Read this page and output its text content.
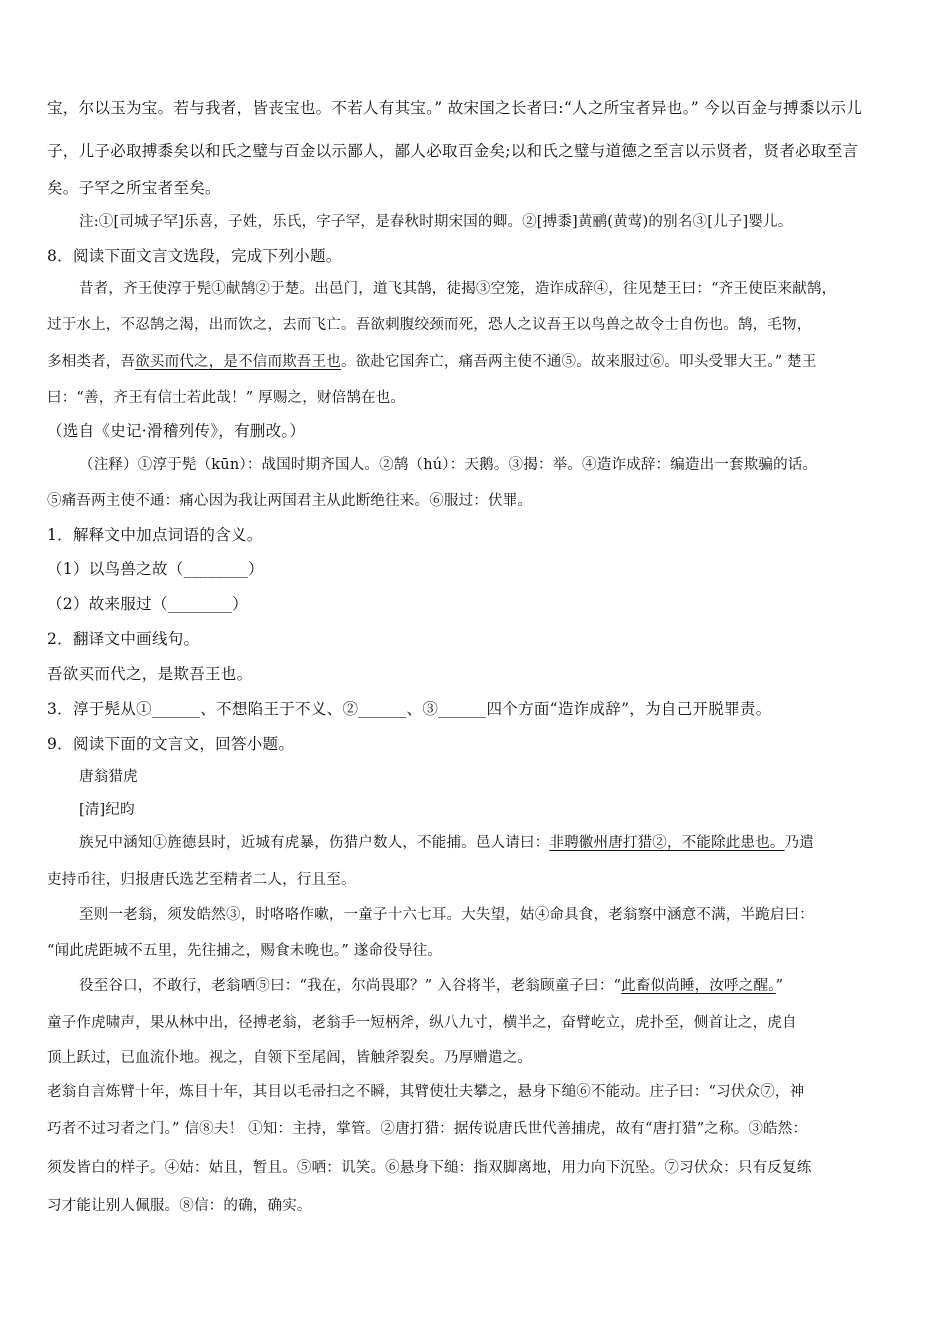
宝，尔以玉为宝。若与我者，皆丧宝也。不若人有其宝。” 故宋国之长者曰:“人之所宝者异也。” 今以百金与搏黍以示儿
子，儿子必取搏黍矣以和氏之璧与百金以示鄙人，鄙人必取百金矣;以和氏之璧与道德之至言以示贤者，贤者必取至言
矣。子罕之所宝者至矣。
注:①[司城子罕]乐喜，子姓，乐氏，字子罕，是春秋时期宋国的卿。②[搏黍]黄鹂(黄莺)的别名③[儿子]婴儿。
8．阅读下面文言文选段，完成下列小题。
昔者，齐王使淳于髡①献鹄②于楚。出邑门，道飞其鹄，徒揭③空笼，造诈成辞④，往见楚王曰：“齐王使臣来献鹄，
过于水上，不忍鹄之渴，出而饮之，去而飞亡。吾欲刺腹绞颈而死，恐人之议吾王以鸟兽之故令士自伤也。鹄，毛物，
多相类者，吾欲买而代之，是不信而欺吾王也。欲赴它国奔亡，痛吾两主使不通⑤。故来服过⑥。叩头受罪大王。” 楚王
曰：“善，齐王有信士若此哉！” 厚赐之，财倍鹄在也。
（选自《史记·滑稽列传》，有删改。）
（注释）①淳于髡（kūn）：战国时期齐国人。②鹄（hú）：天鹅。③揭：举。④造诈成辞：编造出一套欺骗的话。
⑤痛吾两主使不通：痛心因为我让两国君主从此断绝往来。⑥服过：伏罪。
1．解释文中加点词语的含义。
（1）以鸟兽之故（________）
（2）故来服过（________）
2．翻译文中画线句。
吾欲买而代之，是欺吾王也。
3．淳于髡从①______、不想陷王于不义、②______、③______四个方面“造诈成辞”，为自己开脱罪责。
9．阅读下面的文言文，回答小题。
唐翁猎虎
[清]纪昀
族兄中涵知①旌德县时，近城有虎暴，伤猎户数人，不能捕。邑人请曰：非聘徽州唐打猎②，不能除此患也。乃遣
吏持币往，归报唐氏选艺至精者二人，行且至。
至则一老翁，须发皓然③，时咯咯作嗽，一童子十六七耳。大失望，姑④命具食，老翁察中涵意不满，半跪启曰：
“闻此虎距城不五里，先往捕之，赐食未晚也。” 遂命役导往。
役至谷口，不敢行，老翁哂⑤曰：“我在，尔尚畏耶？” 入谷将半，老翁顾童子曰：“此畜似尚睡，汝呼之醒。”
童子作虎啸声，果从林中出，径搏老翁，老翁手一短柄斧，纵八九寸，横半之，奋臂屹立，虎扑至，侧首让之，虎自
顶上跃过，已血流仆地。视之，自领下至尾闾，皆触斧裂矣。乃厚赠遣之。
老翁自言炼臂十年，炼目十年，其目以毛帚扫之不瞬，其臂使壮夫攀之，悬身下缒⑥不能动。庄子曰：“习伏众⑦，神
巧者不过习者之门。” 信⑧夫！ ①知：主持，掌管。②唐打猎：据传说唐氏世代善捕虎，故有“唐打猎”之称。③皓然：
须发皆白的样子。④姑：姑且，暂且。⑤哂：讥笑。⑥悬身下缒：指双脚离地，用力向下沉坠。⑦习伏众：只有反复练
习才能让别人佩服。⑧信：的确，确实。
